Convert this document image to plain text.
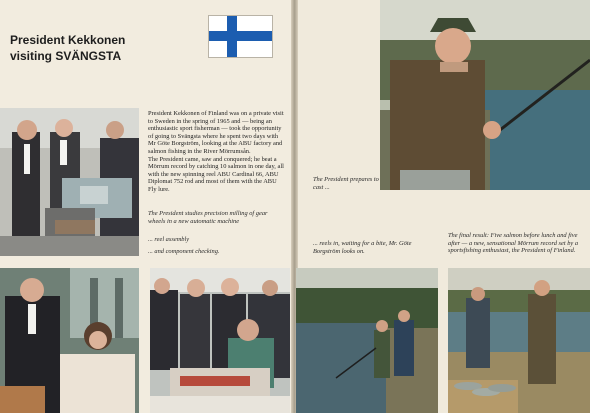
President Kekkonen
visiting SVÄNGSTA

President Kekkonen of Finland was on a private visit to Sweden in the spring of 1965 and — being an enthusiastic sport fisherman — took the opportunity of going to Svängsta where he spent two days with Mr Göte Borgström, looking at the ABU factory and salmon fishing in the River Mörrumsån.

The President came, saw and conquered; he beat a Mörrum record by catching 10 salmon in one day, all with the new spinning reel ABU Cardinal 66, ABU Diplomat 752 rod and most of them with the ABU Fly lure.

The President studies precision milling of gear wheels in a new automatic machine
... reel assembly
... and component checking.
The President prepares to cast ...
... reels in, waiting for a bite, Mr. Göte Borgström looks on.
The final result: Five salmon before lunch and five after — a new, sensational Mörrum record set by a sportsfishing enthusiast, the President of Finland.
